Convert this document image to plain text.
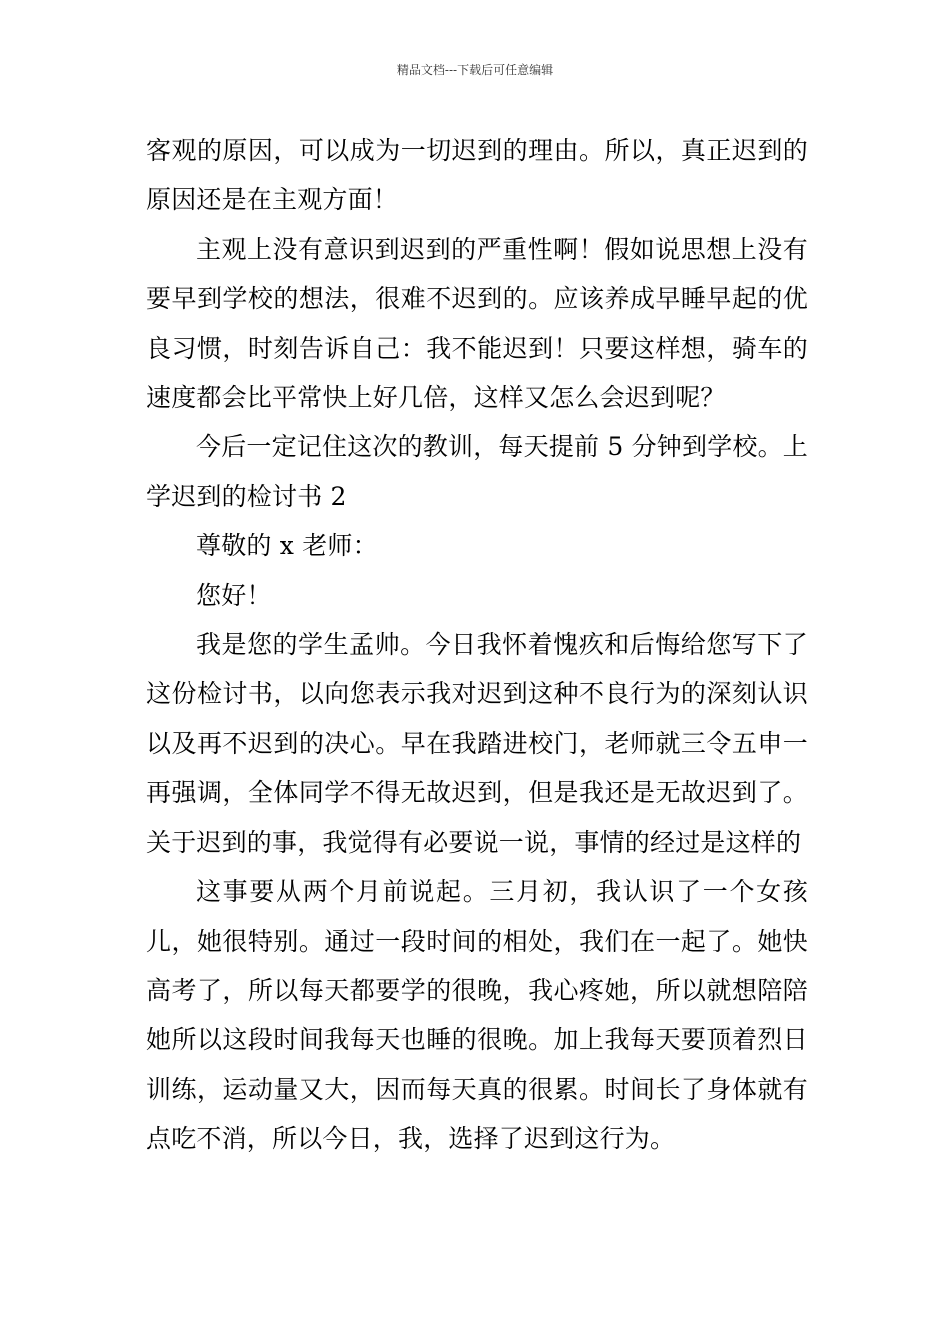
精品文档---下载后可任意编辑

客观的原因，可以成为一切迟到的理由。所以，真正迟到的原因还是在主观方面！

主观上没有意识到迟到的严重性啊！假如说思想上没有要早到学校的想法，很难不迟到的。应该养成早睡早起的优良习惯，时刻告诉自己：我不能迟到！只要这样想，骑车的速度都会比平常快上好几倍，这样又怎么会迟到呢？

今后一定记住这次的教训，每天提前 5 分钟到学校。上学迟到的检讨书 2

尊敬的 x 老师：

您好！

我是您的学生孟帅。今日我怀着愧疚和后悔给您写下了这份检讨书，以向您表示我对迟到这种不良行为的深刻认识以及再不迟到的决心。早在我踏进校门，老师就三令五申一再强调，全体同学不得无故迟到，但是我还是无故迟到了。关于迟到的事，我觉得有必要说一说，事情的经过是这样的

这事要从两个月前说起。三月初，我认识了一个女孩儿，她很特别。通过一段时间的相处，我们在一起了。她快高考了，所以每天都要学的很晚，我心疼她，所以就想陪陪她所以这段时间我每天也睡的很晚。加上我每天要顶着烈日训练，运动量又大，因而每天真的很累。时间长了身体就有点吃不消，所以今日，我，选择了迟到这行为。
